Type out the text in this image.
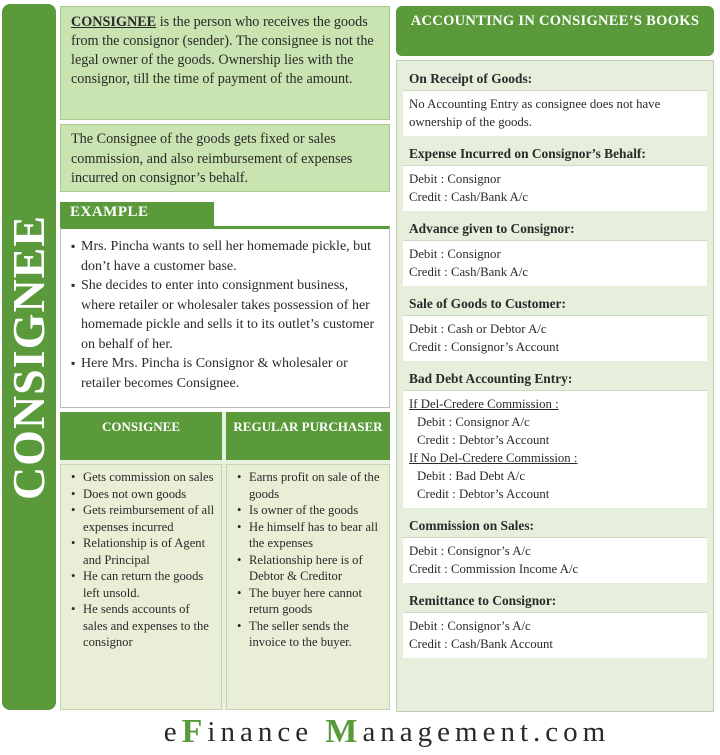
CONSIGNEE
CONSIGNEE is the person who receives the goods from the consignor (sender). The consignee is not the legal owner of the goods. Ownership lies with the consignor, till the time of payment of the amount.
The Consignee of the goods gets fixed or sales commission, and also reimbursement of expenses incurred on consignor’s behalf.
EXAMPLE
▪ Mrs. Pincha wants to sell her homemade pickle, but don’t have a customer base.
▪ She decides to enter into consignment business, where retailer or wholesaler takes possession of her homemade pickle and sells it to its outlet’s customer on behalf of her.
▪ Here Mrs. Pincha is Consignor & wholesaler or retailer becomes Consignee.
CONSIGNEE	REGULAR PURCHASER
• Gets commission on sales
• Does not own goods
• Gets reimbursement of all expenses incurred
• Relationship is of Agent and Principal
• He can return the goods left unsold.
• He sends accounts of sales and expenses to the consignor
• Earns profit on sale of the goods
• Is owner of the goods
• He himself has to bear all the expenses
• Relationship here is of Debtor & Creditor
• The buyer here cannot return goods
• The seller sends the invoice to the buyer.
ACCOUNTING IN CONSIGNEE’S BOOKS
On Receipt of Goods:
No Accounting Entry as consignee does not have ownership of the goods.
Expense Incurred on Consignor’s Behalf:
Debit : Consignor
Credit : Cash/Bank A/c
Advance given to Consignor:
Debit : Consignor
Credit : Cash/Bank A/c
Sale of Goods to Customer:
Debit : Cash or Debtor A/c
Credit : Consignor’s Account
Bad Debt Accounting Entry:
If Del-Credere Commission :
Debit : Consignor A/c
Credit : Debtor’s Account
If No Del-Credere Commission :
Debit : Bad Debt A/c
Credit : Debtor’s Account
Commission on Sales:
Debit : Consignor’s A/c
Credit : Commission Income A/c
Remittance to Consignor:
Debit : Consignor’s A/c
Credit : Cash/Bank Account
e F inance
M anagement.com
